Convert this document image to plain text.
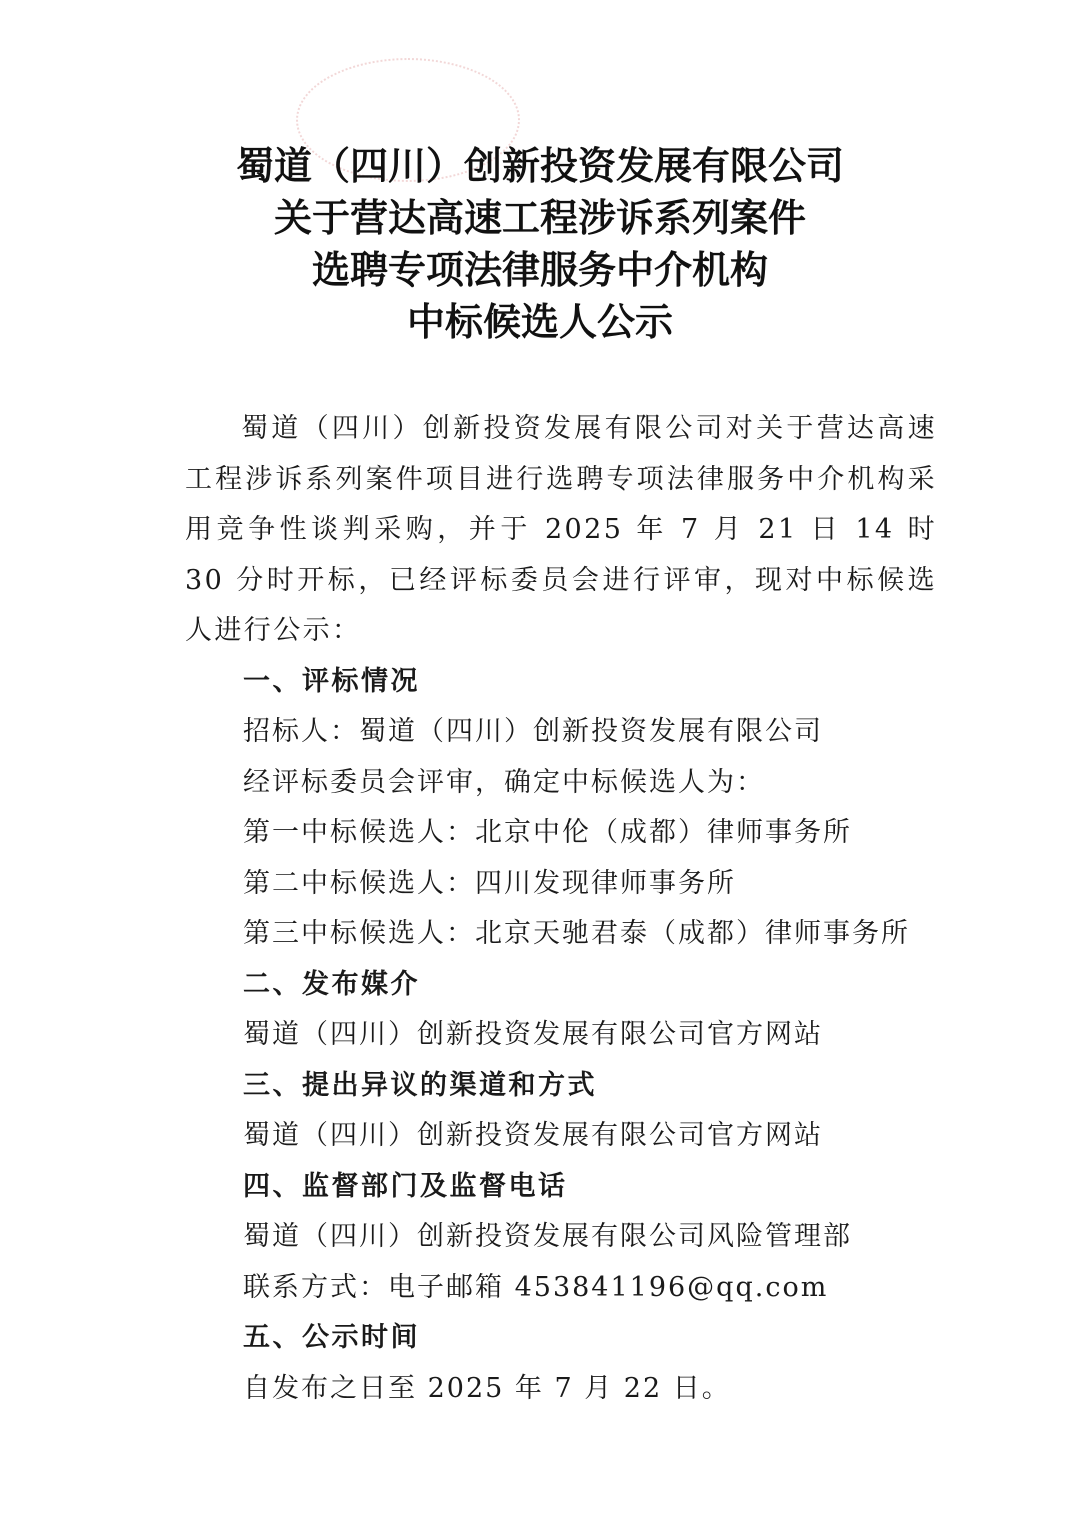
蜀道（四川）创新投资发展有限公司
关于营达高速工程涉诉系列案件
选聘专项法律服务中介机构
中标候选人公示

蜀道（四川）创新投资发展有限公司对关于营达高速工程涉诉系列案件项目进行选聘专项法律服务中介机构采用竞争性谈判采购，并于 2025 年 7 月 21 日 14 时 30 分时开标，已经评标委员会进行评审，现对中标候选人进行公示：

一、评标情况

招标人：蜀道（四川）创新投资发展有限公司

经评标委员会评审，确定中标候选人为：

第一中标候选人：北京中伦（成都）律师事务所

第二中标候选人：四川发现律师事务所

第三中标候选人：北京天驰君泰（成都）律师事务所

二、发布媒介

蜀道（四川）创新投资发展有限公司官方网站

三、提出异议的渠道和方式

蜀道（四川）创新投资发展有限公司官方网站

四、监督部门及监督电话

蜀道（四川）创新投资发展有限公司风险管理部

联系方式：电子邮箱 453841196@qq.com

五、公示时间

自发布之日至 2025 年 7 月 22 日。
